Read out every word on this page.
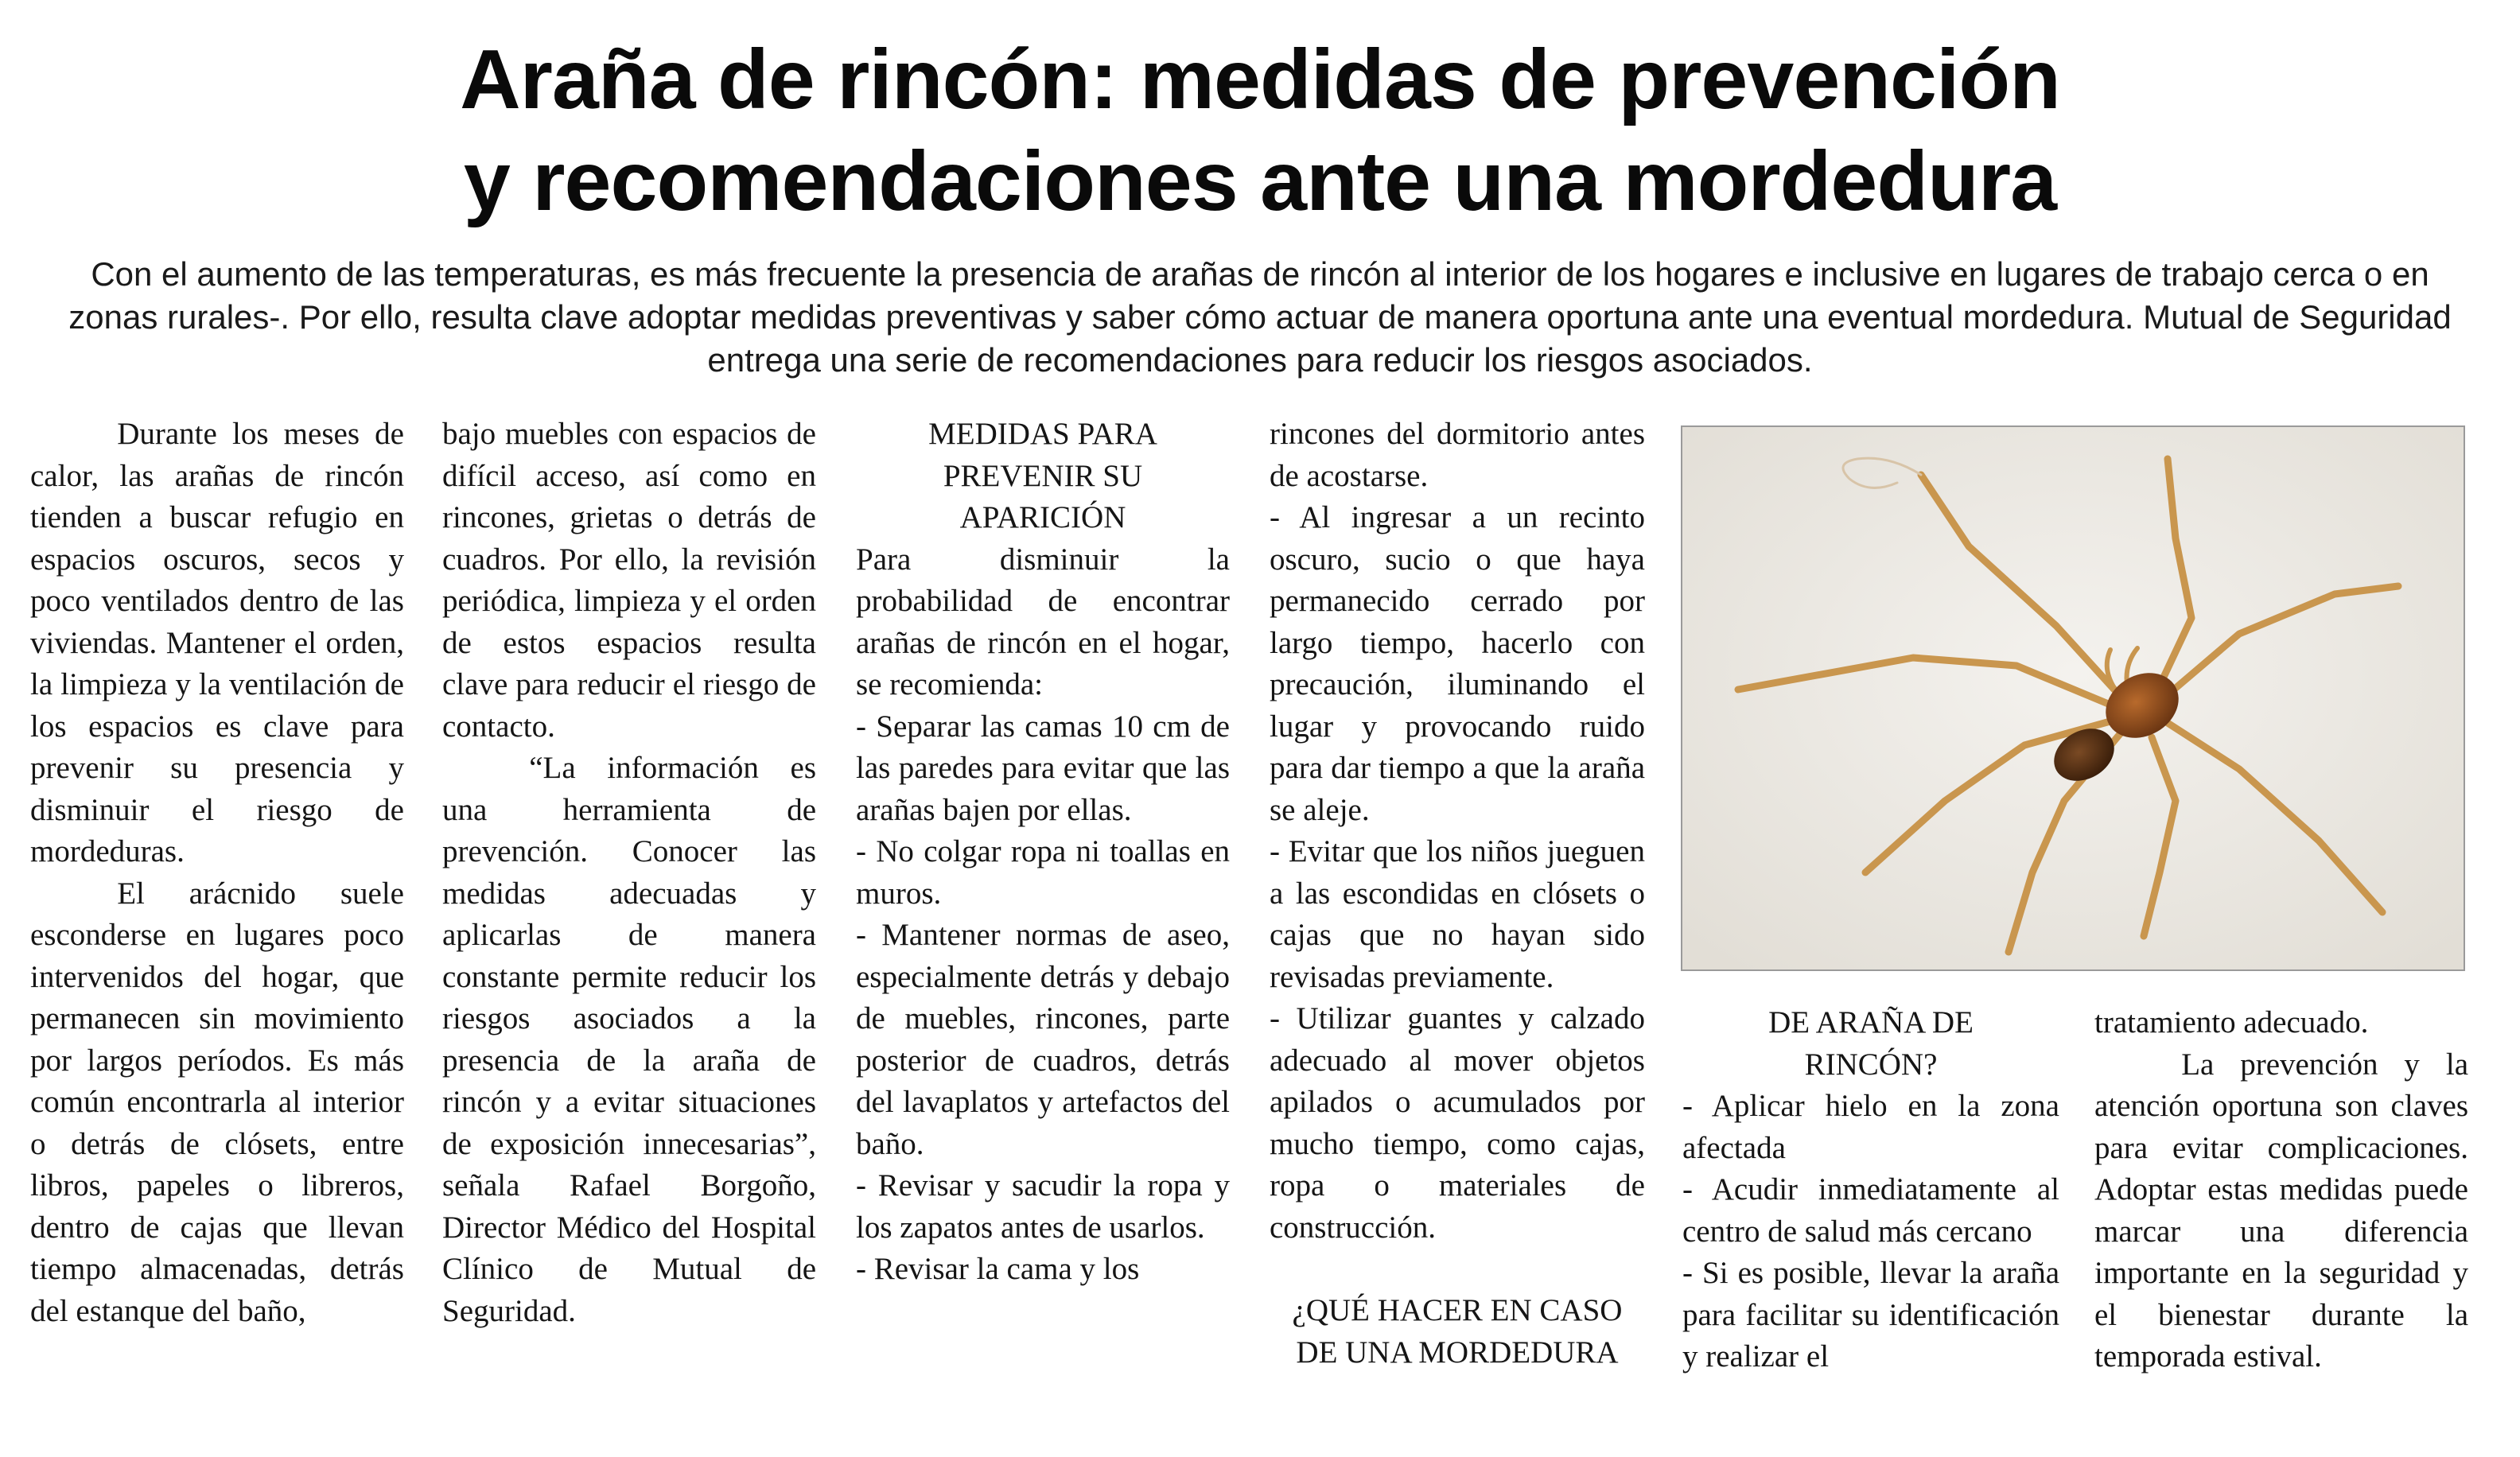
Araña de rincón: medidas de prevención
y recomendaciones ante una mordedura
Con el aumento de las temperaturas, es más frecuente la presencia de arañas de rincón al interior de los hogares e inclusive en lugares de trabajo cerca o en zonas rurales-. Por ello, resulta clave adoptar medidas preventivas y saber cómo actuar de manera oportuna ante una eventual mordedura. Mutual de Seguridad entrega una serie de recomendaciones para reducir los riesgos asociados.

Durante los meses de calor, las arañas de rincón tienden a buscar refugio en espacios oscuros, secos y poco ventilados dentro de las viviendas. Mantener el orden, la limpieza y la ventilación de los espacios es clave para prevenir su presencia y disminuir el riesgo de mordeduras.

El arácnido suele esconderse en lugares poco intervenidos del hogar, que permanecen sin movimiento por largos períodos. Es más común encontrarla al interior o detrás de clósets, entre libros, papeles o libreros, dentro de cajas que llevan tiempo almacenadas, detrás del estanque del baño,

bajo muebles con espacios de difícil acceso, así como en rincones, grietas o detrás de cuadros. Por ello, la revisión periódica, limpieza y el orden de estos espacios resulta clave para reducir el riesgo de contacto.

“La información es una herramienta de prevención. Conocer las medidas adecuadas y aplicarlas de manera constante permite reducir los riesgos asociados a la presencia de la araña de rincón y a evitar situaciones de exposición innecesarias”, señala Rafael Borgoño, Director Médico del Hospital Clínico de Mutual de Seguridad.

MEDIDAS PARA
PREVENIR SU
APARICIÓN

Para disminuir la probabilidad de encontrar arañas de rincón en el hogar, se recomienda:

- Separar las camas 10 cm de las paredes para evitar que las arañas bajen por ellas.

- No colgar ropa ni toallas en muros.

- Mantener normas de aseo, especialmente detrás y debajo de muebles, rincones, parte posterior de cuadros, detrás del lavaplatos y artefactos del baño.

- Revisar y sacudir la ropa y los zapatos antes de usarlos.

- Revisar la cama y los

rincones del dormitorio antes de acostarse.

- Al ingresar a un recinto oscuro, sucio o que haya permanecido cerrado por largo tiempo, hacerlo con precaución, iluminando el lugar y provocando ruido para dar tiempo a que la araña se aleje.

- Evitar que los niños jueguen a las escondidas en clósets o cajas que no hayan sido revisadas previamente.

- Utilizar guantes y calzado adecuado al mover objetos apilados o acumulados por mucho tiempo, como cajas, ropa o materiales de construcción.

¿QUÉ HACER EN CASO
DE UNA MORDEDURA
DE ARAÑA DE
RINCÓN?

- Aplicar hielo en la zona afectada

- Acudir inmediatamente al centro de salud más cercano

- Si es posible, llevar la araña para facilitar su identificación y realizar el

tratamiento adecuado.

La prevención y la atención oportuna son claves para evitar complicaciones. Adoptar estas medidas puede marcar una diferencia importante en la seguridad y el bienestar durante la temporada estival.
